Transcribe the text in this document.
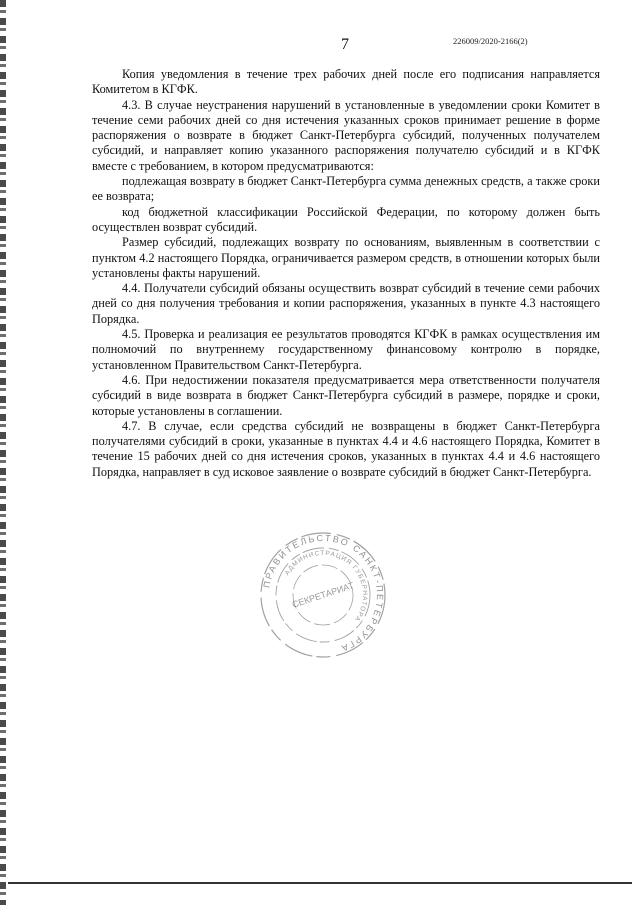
7	226009/2020-2166(2)

Копия уведомления в течение трех рабочих дней после его подписания направляется Комитетом в КГФК.

4.3. В случае неустранения нарушений в установленные в уведомлении сроки Комитет в течение семи рабочих дней со дня истечения указанных сроков принимает решение в форме распоряжения о возврате в бюджет Санкт-Петербурга субсидий, полученных получателем субсидий, и направляет копию указанного распоряжения получателю субсидий и в КГФК вместе с требованием, в котором предусматриваются:

подлежащая возврату в бюджет Санкт-Петербурга сумма денежных средств, а также сроки ее возврата;

код бюджетной классификации Российской Федерации, по которому должен быть осуществлен возврат субсидий.

Размер субсидий, подлежащих возврату по основаниям, выявленным в соответствии с пунктом 4.2 настоящего Порядка, ограничивается размером средств, в отношении которых были установлены факты нарушений.

4.4. Получатели субсидий обязаны осуществить возврат субсидий в течение семи рабочих дней со дня получения требования и копии распоряжения, указанных в пункте 4.3 настоящего Порядка.

4.5. Проверка и реализация ее результатов проводятся КГФК в рамках осуществления им полномочий по внутреннему государственному финансовому контролю в порядке, установленном Правительством Санкт-Петербурга.

4.6. При недостижении показателя предусматривается мера ответственности получателя субсидий в виде возврата в бюджет Санкт-Петербурга субсидий в размере, порядке и сроки, которые установлены в соглашении.

4.7. В случае, если средства субсидий не возвращены в бюджет Санкт-Петербурга получателями субсидий в сроки, указанные в пунктах 4.4 и 4.6 настоящего Порядка, Комитет в течение 15 рабочих дней со дня истечения сроков, указанных в пунктах 4.4 и 4.6 настоящего Порядка, направляет в суд исковое заявление о возврате субсидий в бюджет Санкт-Петербурга.

ПРАВИТЕЛЬСТВО САНКТ-ПЕТЕРБУРГА
АДМИНИСТРАЦИЯ ГУБЕРНАТОРА
СЕКРЕТАРИАТ
